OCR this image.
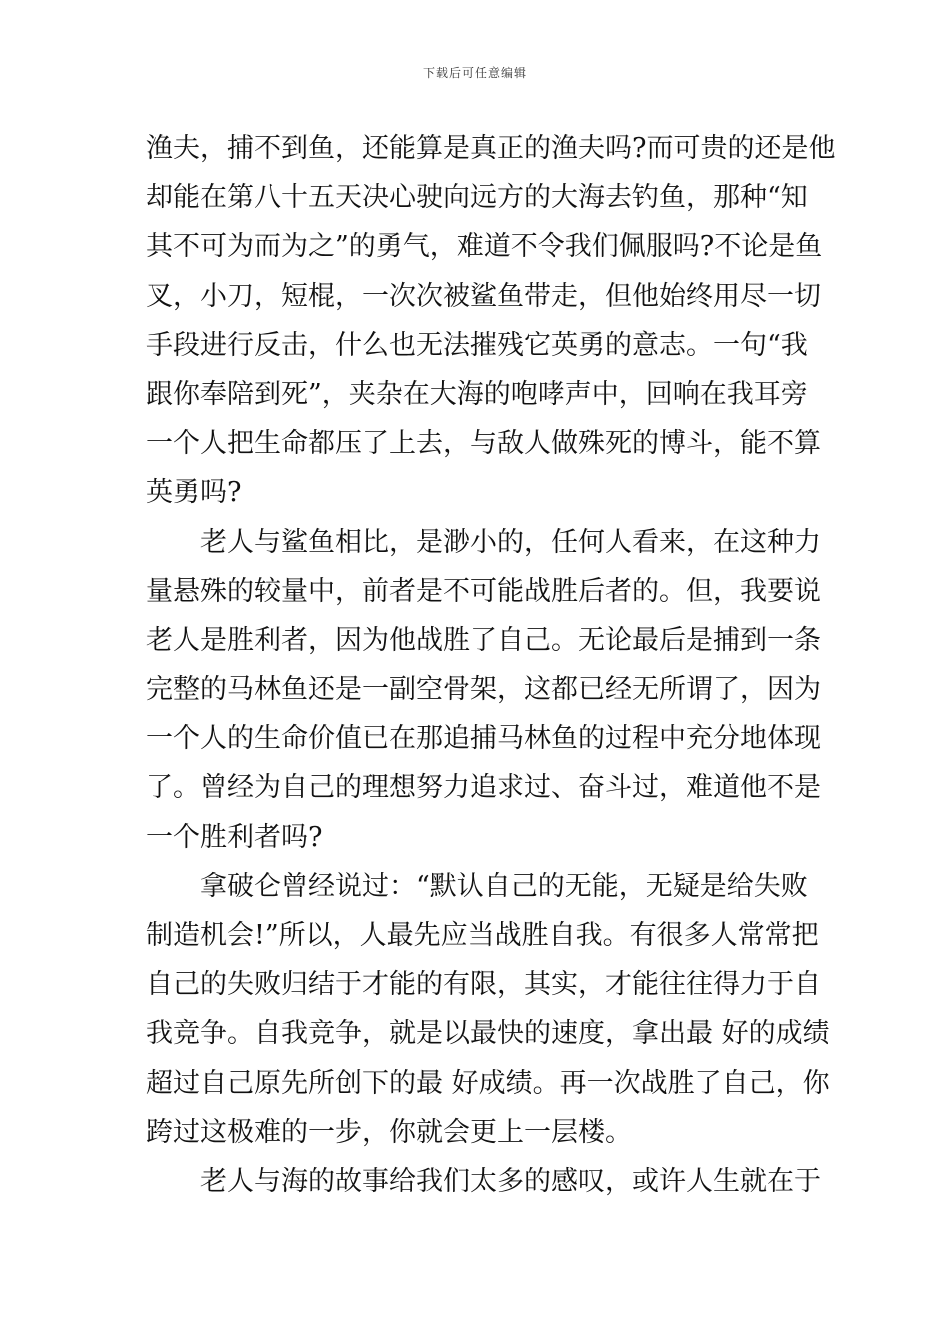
下载后可任意编辑
渔夫，捕不到鱼，还能算是真正的渔夫吗?而可贵的还是他
却能在第八十五天决心驶向远方的大海去钓鱼，那种“知
其不可为而为之”的勇气，难道不令我们佩服吗?不论是鱼
叉，小刀，短棍，一次次被鲨鱼带走，但他始终用尽一切
手段进行反击，什么也无法摧残它英勇的意志。一句“我
跟你奉陪到死”，夹杂在大海的咆哮声中，回响在我耳旁
一个人把生命都压了上去，与敌人做殊死的博斗，能不算
英勇吗?
　　老人与鲨鱼相比，是渺小的，任何人看来，在这种力
量悬殊的较量中，前者是不可能战胜后者的。但，我要说
老人是胜利者，因为他战胜了自己。无论最后是捕到一条
完整的马林鱼还是一副空骨架，这都已经无所谓了，因为
一个人的生命价值已在那追捕马林鱼的过程中充分地体现
了。曾经为自己的理想努力追求过、奋斗过，难道他不是
一个胜利者吗?
　　拿破仑曾经说过：“默认自己的无能，无疑是给失败
制造机会!”所以，人最先应当战胜自我。有很多人常常把
自己的失败归结于才能的有限，其实，才能往往得力于自
我竞争。自我竞争，就是以最快的速度，拿出最 好的成绩
超过自己原先所创下的最 好成绩。再一次战胜了自己，你
跨过这极难的一步，你就会更上一层楼。
　　老人与海的故事给我们太多的感叹，或许人生就在于
